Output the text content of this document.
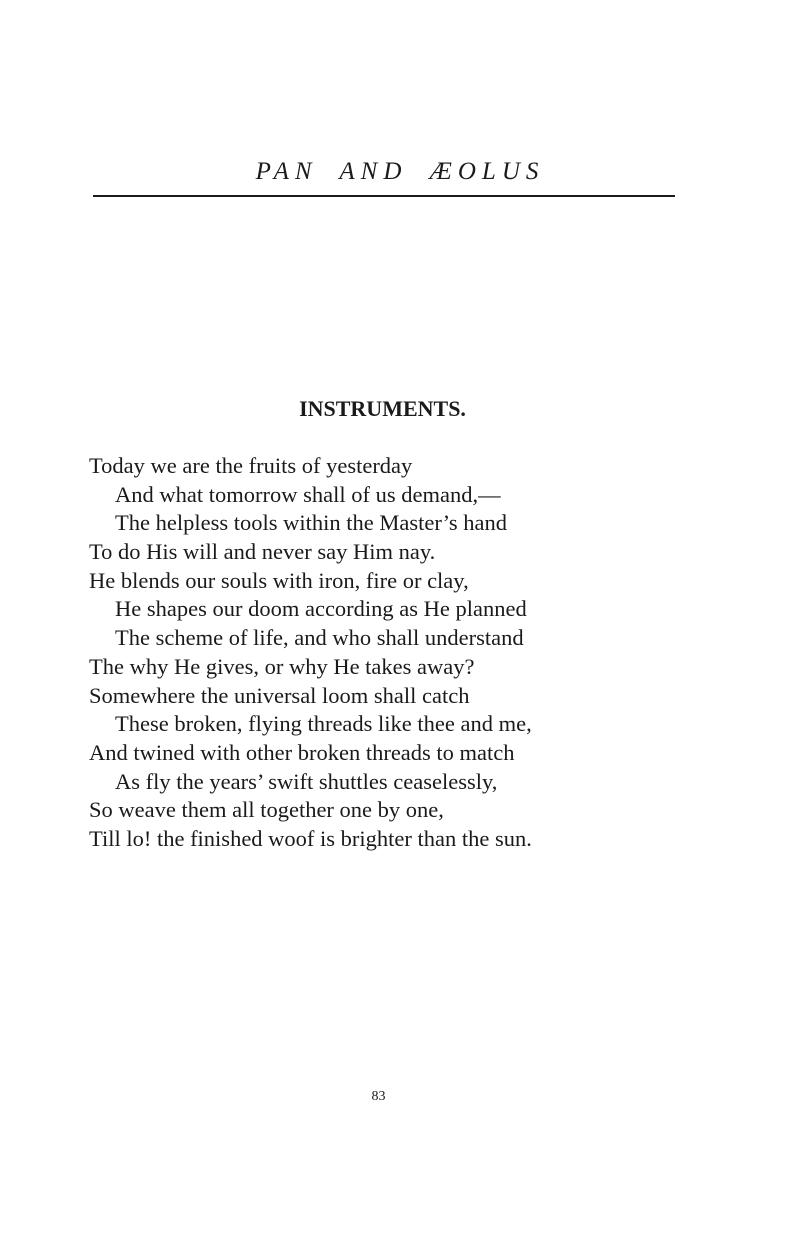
PAN AND ÆOLUS
INSTRUMENTS.
Today we are the fruits of yesterday
And what tomorrow shall of us demand,—
The helpless tools within the Master’s hand
To do His will and never say Him nay.
He blends our souls with iron, fire or clay,
He shapes our doom according as He planned
The scheme of life, and who shall understand
The why He gives, or why He takes away?
Somewhere the universal loom shall catch
These broken, flying threads like thee and me,
And twined with other broken threads to match
As fly the years’ swift shuttles ceaselessly,
So weave them all together one by one,
Till lo! the finished woof is brighter than the sun.
83
